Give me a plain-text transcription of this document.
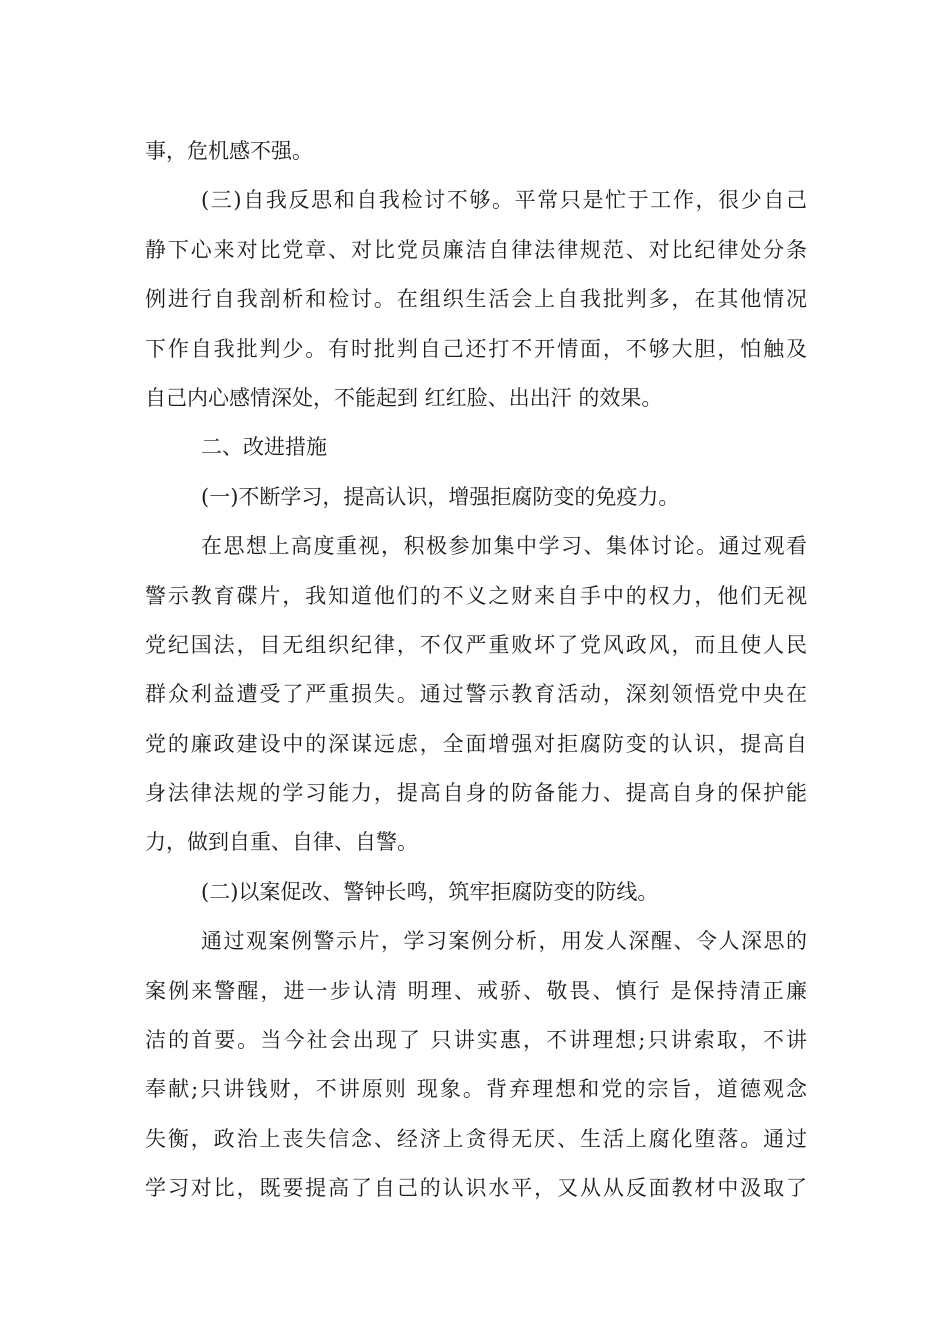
事，危机感不强。
(三)自我反思和自我检讨不够。平常只是忙于工作，很少自己
静下心来对比党章、对比党员廉洁自律法律规范、对比纪律处分条
例进行自我剖析和检讨。在组织生活会上自我批判多，在其他情况
下作自我批判少。有时批判自己还打不开情面，不够大胆，怕触及
自己内心感情深处，不能起到 红红脸、出出汗 的效果。
二、改进措施
(一)不断学习，提高认识，增强拒腐防变的免疫力。
在思想上高度重视，积极参加集中学习、集体讨论。通过观看
警示教育碟片，我知道他们的不义之财来自手中的权力，他们无视
党纪国法，目无组织纪律，不仅严重败坏了党风政风，而且使人民
群众利益遭受了严重损失。通过警示教育活动，深刻领悟党中央在
党的廉政建设中的深谋远虑，全面增强对拒腐防变的认识，提高自
身法律法规的学习能力，提高自身的防备能力、提高自身的保护能
力，做到自重、自律、自警。
(二)以案促改、警钟长鸣，筑牢拒腐防变的防线。
通过观案例警示片，学习案例分析，用发人深醒、令人深思的
案例来警醒，进一步认清 明理、戒骄、敬畏、慎行 是保持清正廉
洁的首要。当今社会出现了 只讲实惠，不讲理想;只讲索取，不讲
奉献;只讲钱财，不讲原则 现象。背弃理想和党的宗旨，道德观念
失衡，政治上丧失信念、经济上贪得无厌、生活上腐化堕落。通过
学习对比，既要提高了自己的认识水平，又从从反面教材中汲取了
